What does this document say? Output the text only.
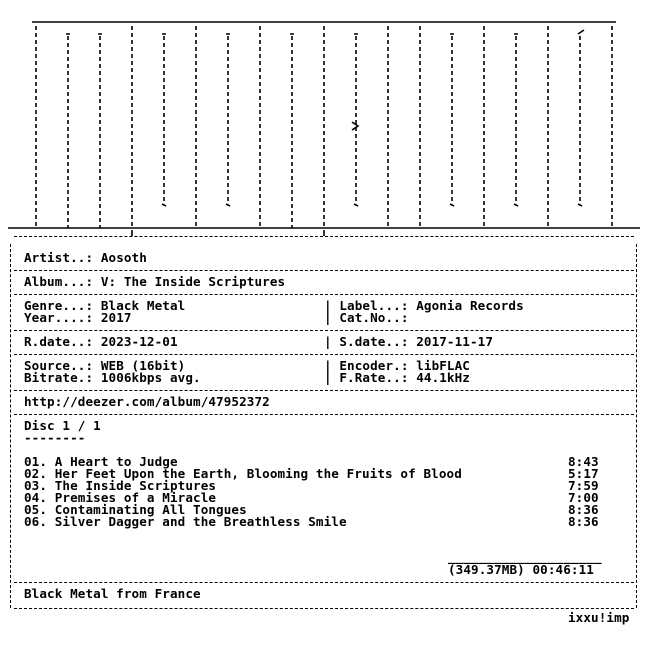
Artist..: Aosoth
Album...: V: The Inside Scriptures
Genre...: Black Metal	| Label...: Agonia Records
Year....: 2017	| Cat.No..:
R.date..: 2023-12-01	| S.date..: 2017-11-17
Source..: WEB (16bit)	| Encoder.: libFLAC
Bitrate.: 1006kbps avg.	| F.Rate..: 44.1kHz
http://deezer.com/album/47952372
Disc 1 / 1
--------
01. A Heart to Judge	8:43
02. Her Feet Upon the Earth, Blooming the Fruits of Blood	5:17
03. The Inside Scriptures	7:59
04. Premises of a Miracle	7:00
05. Contaminating All Tongues	8:36
06. Silver Dagger and the Breathless Smile	8:36
____________________
(349.37MB) 00:46:11
Black Metal from France
ixxu!imp
